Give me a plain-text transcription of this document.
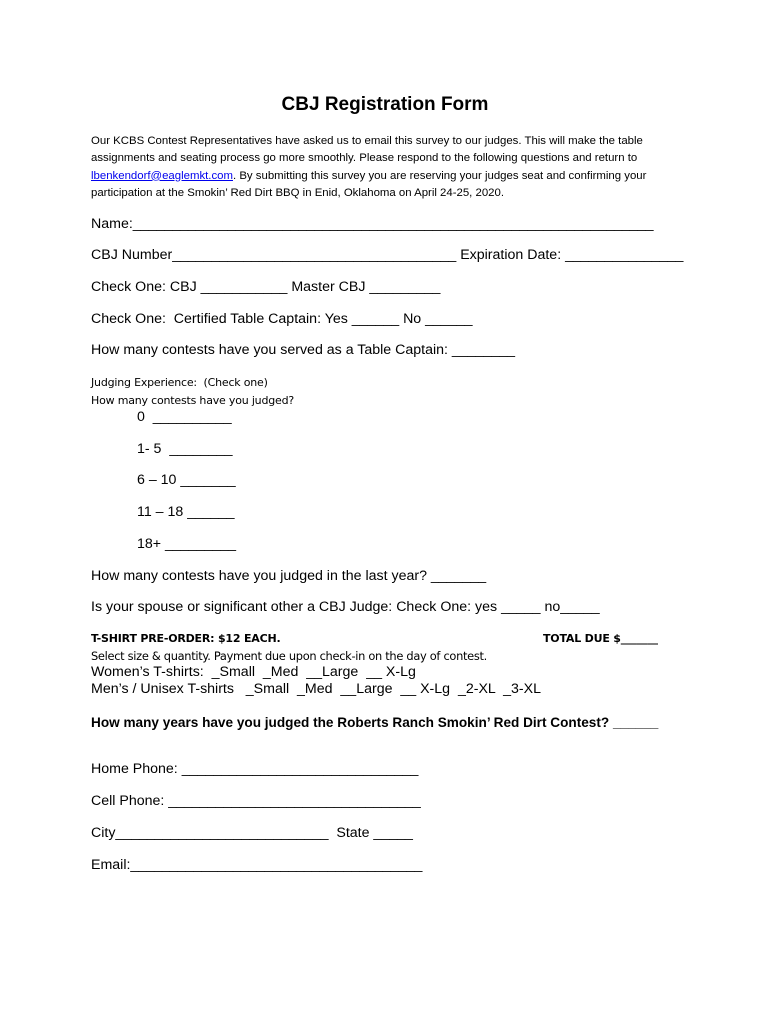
CBJ Registration Form
Our KCBS Contest Representatives have asked us to email this survey to our judges. This will make the table assignments and seating process go more smoothly. Please respond to the following questions and return to lbenkendorf@eaglemkt.com. By submitting this survey you are reserving your judges seat and confirming your participation at the Smokin’ Red Dirt BBQ in Enid, Oklahoma on April 24-25, 2020.
Name:__________________________________________________________________
CBJ Number____________________________________ Expiration Date: _______________
Check One: CBJ ___________ Master CBJ _________
Check One:  Certified Table Captain: Yes ______ No ______
How many contests have you served as a Table Captain: ________
Judging Experience:  (Check one)
How many contests have you judged?
0  __________
1- 5  ________
6 – 10 _______
11 – 18 ______
18+ _________
How many contests have you judged in the last year? _______
Is your spouse or significant other a CBJ Judge: Check One: yes _____ no_____
T-SHIRT PRE-ORDER: $12 EACH.	TOTAL DUE $_______
Select size & quantity. Payment due upon check-in on the day of contest.
Women’s T-shirts:  _Small  _Med  __Large  __ X-Lg
Men’s / Unisex T-shirts   _Small  _Med  __Large  __ X-Lg  _2-XL  _3-XL
How many years have you judged the Roberts Ranch Smokin’ Red Dirt Contest? ______
Home Phone: ______________________________
Cell Phone: ________________________________
City___________________________  State _____
Email:_____________________________________
